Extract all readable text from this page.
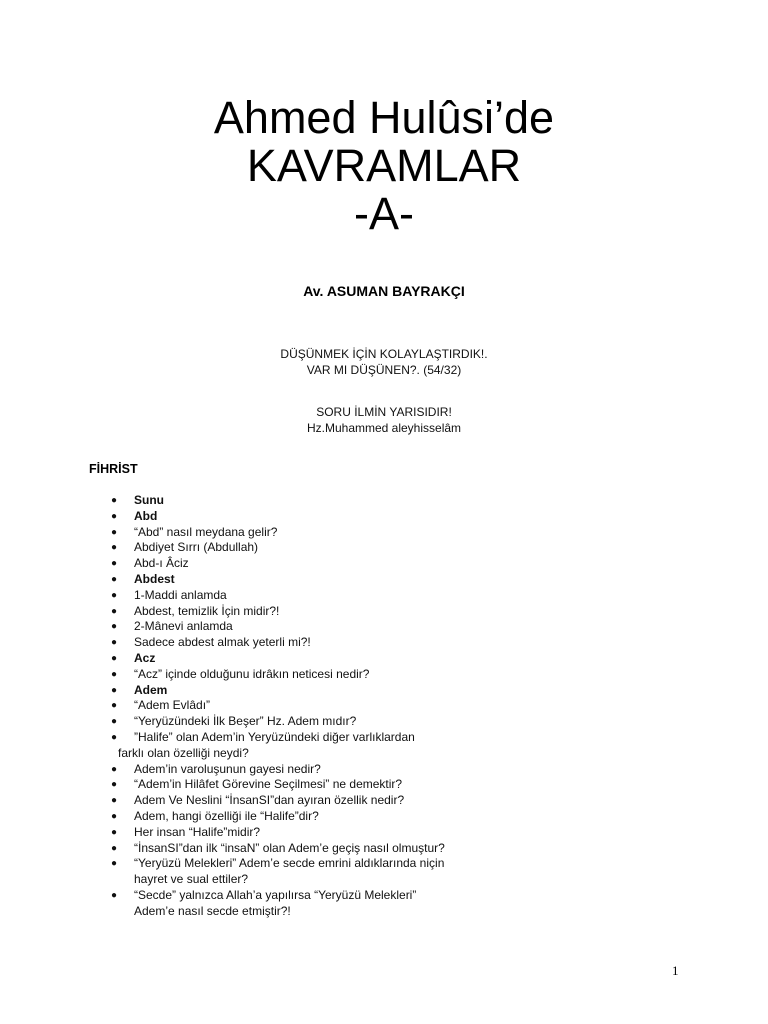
Ahmed Hulûsi’de
KAVRAMLAR
-A-
Av. ASUMAN BAYRAKÇI
DÜŞÜNMEK İÇİN KOLAYLAŞTIRDIK!.
VAR MI DÜŞÜNEN?. (54/32)
SORU İLMİN YARISIDIR!
Hz.Muhammed aleyhisselâm
FİHRİST
● Sunu
● Abd
● “Abd” nasıl meydana gelir?
● Abdiyet Sırrı (Abdullah)
● Abd-ı Âciz
● Abdest
● 1-Maddi anlamda
● Abdest, temizlik İçin midir?!
● 2-Mânevi anlamda
● Sadece abdest almak yeterli mi?!
● Acz
● “Acz” içinde olduğunu idrâkın neticesi nedir?
● Adem
● “Adem Evlâdı”
● “Yeryüzündeki İlk Beşer” Hz. Adem mıdır?
● ”Halife” olan Adem’in Yeryüzündeki diğer varlıklardan
farklı olan özelliği neydi?
● Adem’in varoluşunun gayesi nedir?
● “Adem’in Hilâfet Görevine Seçilmesi” ne demektir?
● Adem Ve Neslini “İnsanSI”dan ayıran özellik nedir?
● Adem, hangi özelliği ile “Halife”dir?
● Her insan “Halife”midir?
● “İnsanSI”dan ilk “insaN” olan Adem’e geçiş nasıl olmuştur?
● “Yeryüzü Melekleri” Adem’e secde emrini aldıklarında niçin
hayret ve sual ettiler?
● “Secde” yalnızca Allah’a yapılırsa “Yeryüzü Melekleri”
Adem’e nasıl secde etmiştir?!
1
